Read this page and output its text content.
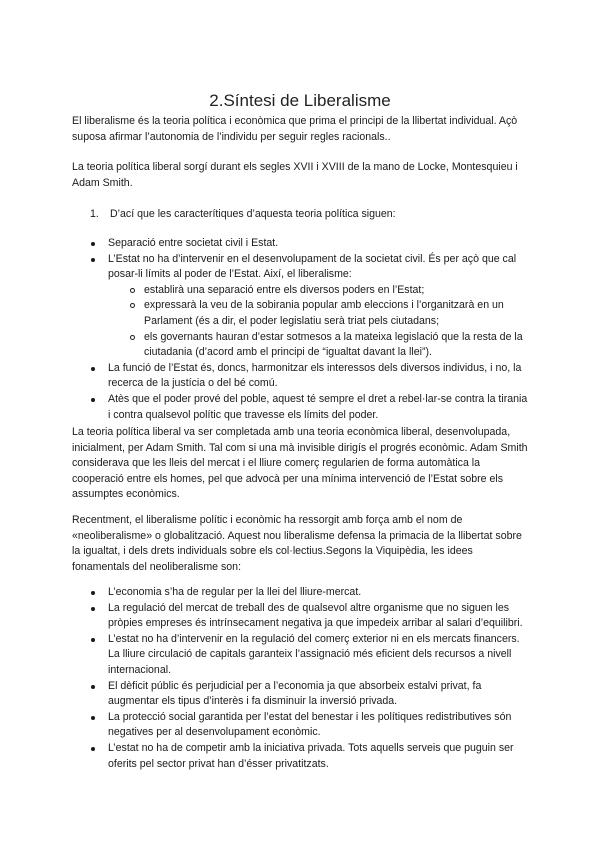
2.Síntesi de Liberalisme

El liberalisme és la teoria política i econòmica que prima el principi de la llibertat individual. Açò suposa afirmar l’autonomia de l’individu per seguir regles racionals..

La teoria política liberal sorgí durant els segles XVII i XVIII de la mano de Locke, Montesquieu i Adam Smith.

1. D’ací que les caracterítiques d’aquesta teoria política siguen:
Separació entre societat civil i Estat.
L’Estat no ha d’intervenir en el desenvolupament de la societat civil. És per açò que cal posar-li límits al poder de l’Estat. Així, el liberalisme:
establirà una separació entre els diversos poders en l’Estat;
expressarà la veu de la sobirania popular amb eleccions i l’organitzarà en un Parlament (és a dir, el poder legislatiu serà triat pels ciutadans;
els governants hauran d’estar sotmesos a la mateixa legislació que la resta de la ciutadania (d’acord amb el principi de “igualtat davant la llei”).
La funció de l’Estat és, doncs, harmonitzar els interessos dels diversos individus, i no, la recerca de la justícia o del bé comú.
Atès que el poder prové del poble, aquest té sempre el dret a rebel·lar-se contra la tirania i contra qualsevol polític que travesse els límits del poder.

La teoria política liberal va ser completada amb una teoria econòmica liberal, desenvolupada, inicialment, per Adam Smith. Tal com si una mà invisible dirigís el progrés econòmic. Adam Smith considerava que les lleis del mercat i el lliure comerç regularien de forma automàtica la cooperació entre els homes, pel que advocà per una mínima intervenció de l’Estat sobre els assumptes econòmics.

Recentment, el liberalisme polític i econòmic ha ressorgit amb força amb el nom de «neoliberalisme» o globalització. Aquest nou liberalisme defensa la primacia de la llibertat sobre la igualtat, i dels drets individuals sobre els col·lectius.Segons la Viquipèdia, les idees fonamentals del neoliberalisme son:

L’economia s’ha de regular per la llei del lliure-mercat.
La regulació del mercat de treball des de qualsevol altre organisme que no siguen les pròpies empreses és intrínsecament negativa ja que impedeix arribar al salari d’equilibri.
L’estat no ha d’intervenir en la regulació del comerç exterior ni en els mercats financers. La lliure circulació de capitals garanteix l’assignació més eficient dels recursos a nivell internacional.
El dèficit públic és perjudicial per a l’economia ja que absorbeix estalvi privat, fa augmentar els tipus d’interès i fa disminuir la inversió privada.
La protecció social garantida per l’estat del benestar i les polítiques redistributives són negatives per al desenvolupament econòmic.
L’estat no ha de competir amb la iniciativa privada. Tots aquells serveis que puguin ser oferits pel sector privat han d’ésser privatitzats.
